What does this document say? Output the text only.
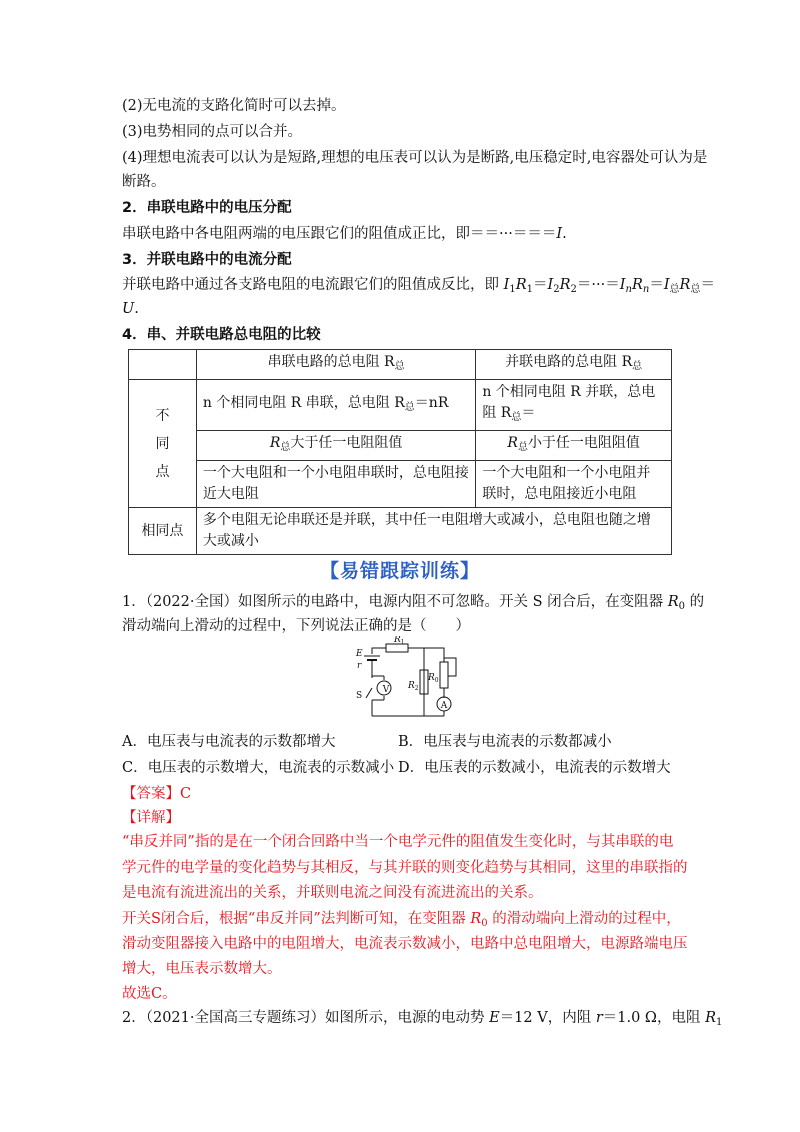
(2)无电流的支路化简时可以去掉。
(3)电势相同的点可以合并。
(4)理想电流表可以认为是短路,理想的电压表可以认为是断路,电压稳定时,电容器处可认为是
断路。
2．串联电路中的电压分配
串联电路中各电阻两端的电压跟它们的阻值成正比，即＝＝···＝＝＝I.
3．并联电路中的电流分配
并联电路中通过各支路电阻的电流跟它们的阻值成反比，即 $I_1R_1=I_2R_2=\cdot\cdot\cdot=I_nR_n=I_总R_总=$
U.
4．串、并联电路总电阻的比较
	串联电路的总电阻 $R_总$	并联电路的总电阻 $R_总$
不
同
点	n 个相同电阻 R 串联，总电阻 $R_总=nR$	n 个相同电阻 R 并联，总电
阻 $R_总=$
	$R_总$大于任一电阻阻值	$R_总$小于任一电阻阻值
	一个大电阻和一个小电阻串联时，总电阻接
近大电阻	一个大电阻和一个小电阻并
联时，总电阻接近小电阻
相同点	多个电阻无论串联还是并联，其中任一电阻增大或减小，总电阻也随之增
大或减小	
【易错跟踪训练】
1．（2022·全国）如图所示的电路中，电源内阻不可忽略。开关 S 闭合后，在变阻器 $R_0$ 的
滑动端向上滑动的过程中，下列说法正确的是（　　）
V
A
E
r
S
$R_1$
$R_2$
$R_0$
A．电压表与电流表的示数都增大	B．电压表与电流表的示数都减小
C．电压表的示数增大，电流表的示数减小 D．电压表的示数减小，电流表的示数增大
【答案】C
【详解】
“串反并同”指的是在一个闭合回路中当一个电学元件的阻值发生变化时，与其串联的电
学元件的电学量的变化趋势与其相反，与其并联的则变化趋势与其相同，这里的串联指的
是电流有流进流出的关系，并联则电流之间没有流进流出的关系。
开关S闭合后，根据“串反并同”法判断可知，在变阻器 $R_0$ 的滑动端向上滑动的过程中，
滑动变阻器接入电路中的电阻增大，电流表示数减小，电路中总电阻增大，电源路端电压
增大，电压表示数增大。
故选C。
2．（2021·全国高三专题练习）如图所示，电源的电动势 E＝12 V，内阻 r＝1.0 Ω，电阻 $R_1$
